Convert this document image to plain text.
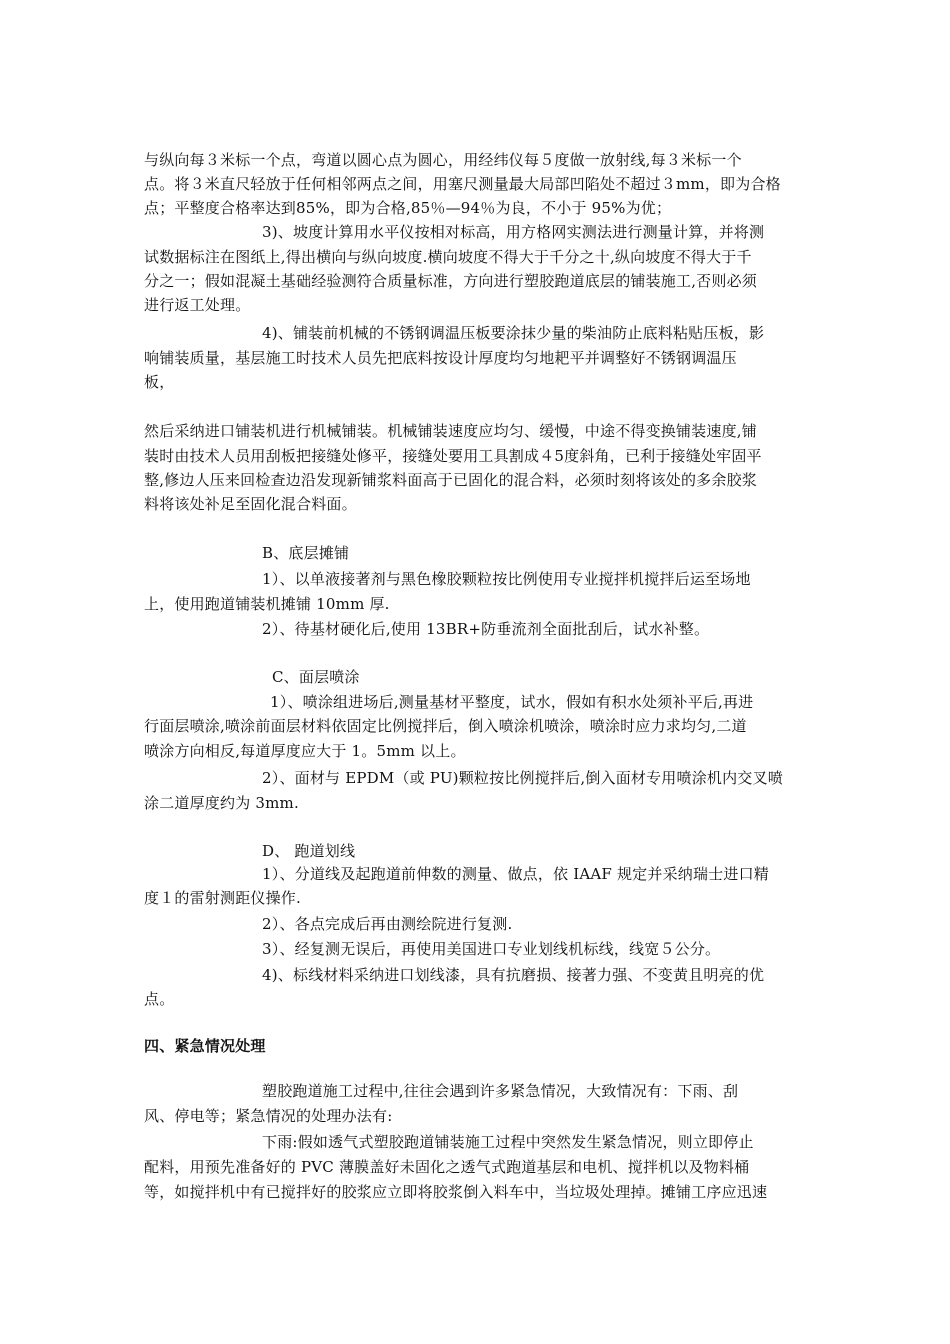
与纵向每３米标一个点，弯道以圆心点为圆心，用经纬仪每５度做一放射线,每３米标一个
点。将３米直尺轻放于任何相邻两点之间，用塞尺测量最大局部凹陷处不超过３mm，即为合格
点；平整度合格率达到85%，即为合格,85％—94％为良，不小于 95%为优；
3)、坡度计算用水平仪按相对标高，用方格网实测法进行测量计算，并将测
试数据标注在图纸上,得出横向与纵向坡度.横向坡度不得大于千分之十,纵向坡度不得大于千
分之一；假如混凝土基础经验测符合质量标准，方向进行塑胶跑道底层的铺装施工,否则必须
进行返工处理。
4)、铺装前机械的不锈钢调温压板要涂抹少量的柴油防止底料粘贴压板，影
响铺装质量，基层施工时技术人员先把底料按设计厚度均匀地耙平并调整好不锈钢调温压
板，
然后采纳进口铺装机进行机械铺装。机械铺装速度应均匀、缓慢，中途不得变换铺装速度,铺
装时由技术人员用刮板把接缝处修平，接缝处要用工具割成４5度斜角，已利于接缝处牢固平
整,修边人压来回检查边沿发现新铺浆料面高于已固化的混合料，必须时刻将该处的多余胶浆
料将该处补足至固化混合料面。
B、底层摊铺
1）、以单液接著剂与黑色橡胶颗粒按比例使用专业搅拌机搅拌后运至场地
上，使用跑道铺装机摊铺 10mm 厚.
2）、待基材硬化后,使用 13BR+防垂流剂全面批刮后，试水补整。
C、面层喷涂
1）、喷涂组进场后,测量基材平整度，试水，假如有积水处须补平后,再进
行面层喷涂,喷涂前面层材料依固定比例搅拌后，倒入喷涂机喷涂，喷涂时应力求均匀,二道
喷涂方向相反,每道厚度应大于 1。5mm 以上。
2）、面材与 EPDM（或 PU)颗粒按比例搅拌后,倒入面材专用喷涂机内交叉喷
涂二道厚度约为 3mm.
D、 跑道划线
1）、分道线及起跑道前伸数的测量、做点，依 IAAF 规定并采纳瑞士进口精
度１的雷射测距仪操作.
2）、各点完成后再由测绘院进行复测.
3）、经复测无误后，再使用美国进口专业划线机标线，线宽５公分。
4)、标线材料采纳进口划线漆，具有抗磨损、接著力强、不变黄且明亮的优
点。
四、紧急情况处理
塑胶跑道施工过程中,往往会遇到许多紧急情况，大致情况有：下雨、刮
风、停电等；紧急情况的处理办法有:
下雨:假如透气式塑胶跑道铺装施工过程中突然发生紧急情况，则立即停止
配料，用预先准备好的 PVC 薄膜盖好未固化之透气式跑道基层和电机、搅拌机以及物料桶
等，如搅拌机中有已搅拌好的胶浆应立即将胶浆倒入料车中，当垃圾处理掉。摊铺工序应迅速
